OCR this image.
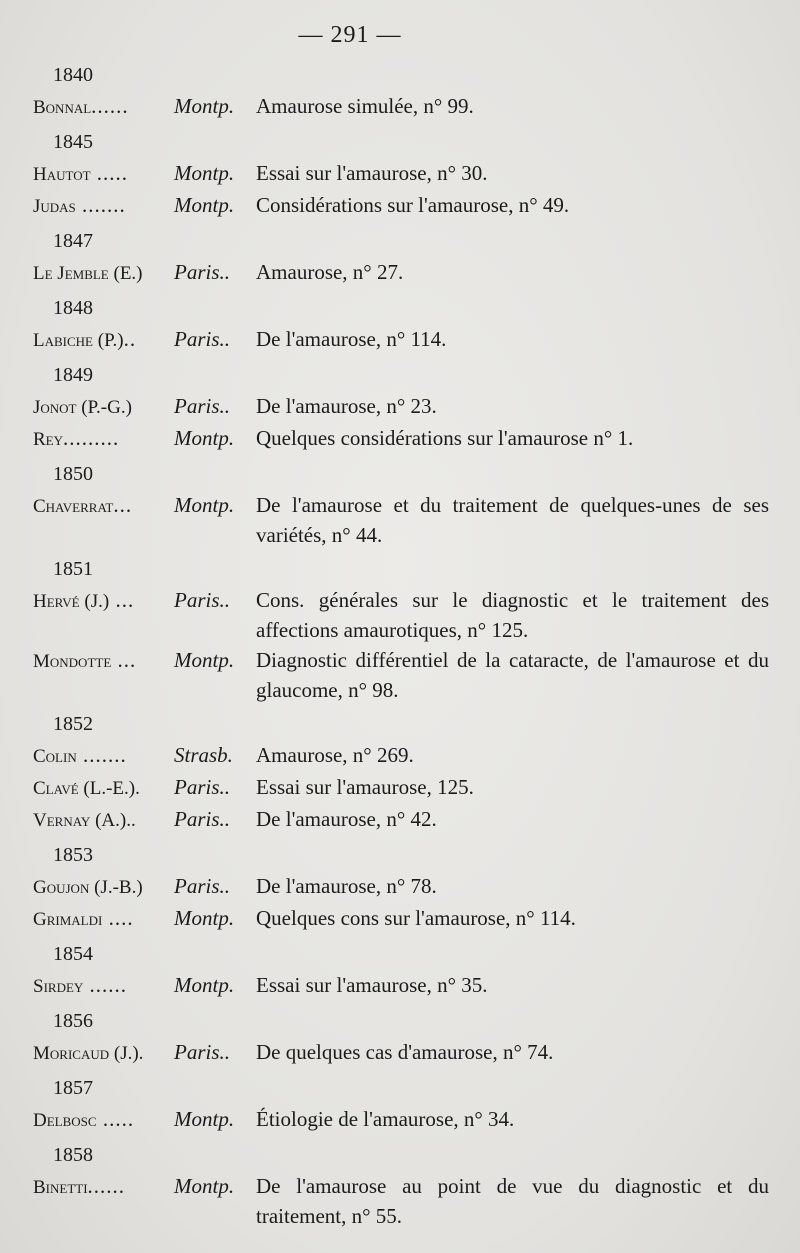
— 291 —
1840
Bonnal......	Montp.	Amaurose simulée, n° 99.
1845
Hautot .....	Montp.	Essai sur l'amaurose, n° 30.
Judas .......	Montp.	Considérations sur l'amaurose, n° 49.
1847
Le Jemble (E.)	Paris..	Amaurose, n° 27.
1848
Labiche (P.)..	Paris..	De l'amaurose, n° 114.
1849
Jonot (P.-G.)	Paris..	De l'amaurose, n° 23.
Rey.........	Montp.	Quelques considérations sur l'amaurose n° 1.
1850
Chaverrat...	Montp.	De l'amaurose et du traitement de quelques-unes de ses variétés, n° 44.
1851
Hervé (J.) ...	Paris..	Cons. générales sur le diagnostic et le traitement des affections amaurotiques, n° 125.
Mondotte ...	Montp.	Diagnostic différentiel de la cataracte, de l'amaurose et du glaucome, n° 98.
1852
Colin .......	Strasb.	Amaurose, n° 269.
Clavé (L.-E.).	Paris..	Essai sur l'amaurose, 125.
Vernay (A.)..	Paris..	De l'amaurose, n° 42.
1853
Goujon (J.-B.)	Paris..	De l'amaurose, n° 78.
Grimaldi ....	Montp.	Quelques cons sur l'amaurose, n° 114.
1854
Sirdey ......	Montp.	Essai sur l'amaurose, n° 35.
1856
Moricaud (J.).	Paris..	De quelques cas d'amaurose, n° 74.
1857
Delbosc .....	Montp.	Étiologie de l'amaurose, n° 34.
1858
Binetti......	Montp.	De l'amaurose au point de vue du diagnostic et du traitement, n° 55.
